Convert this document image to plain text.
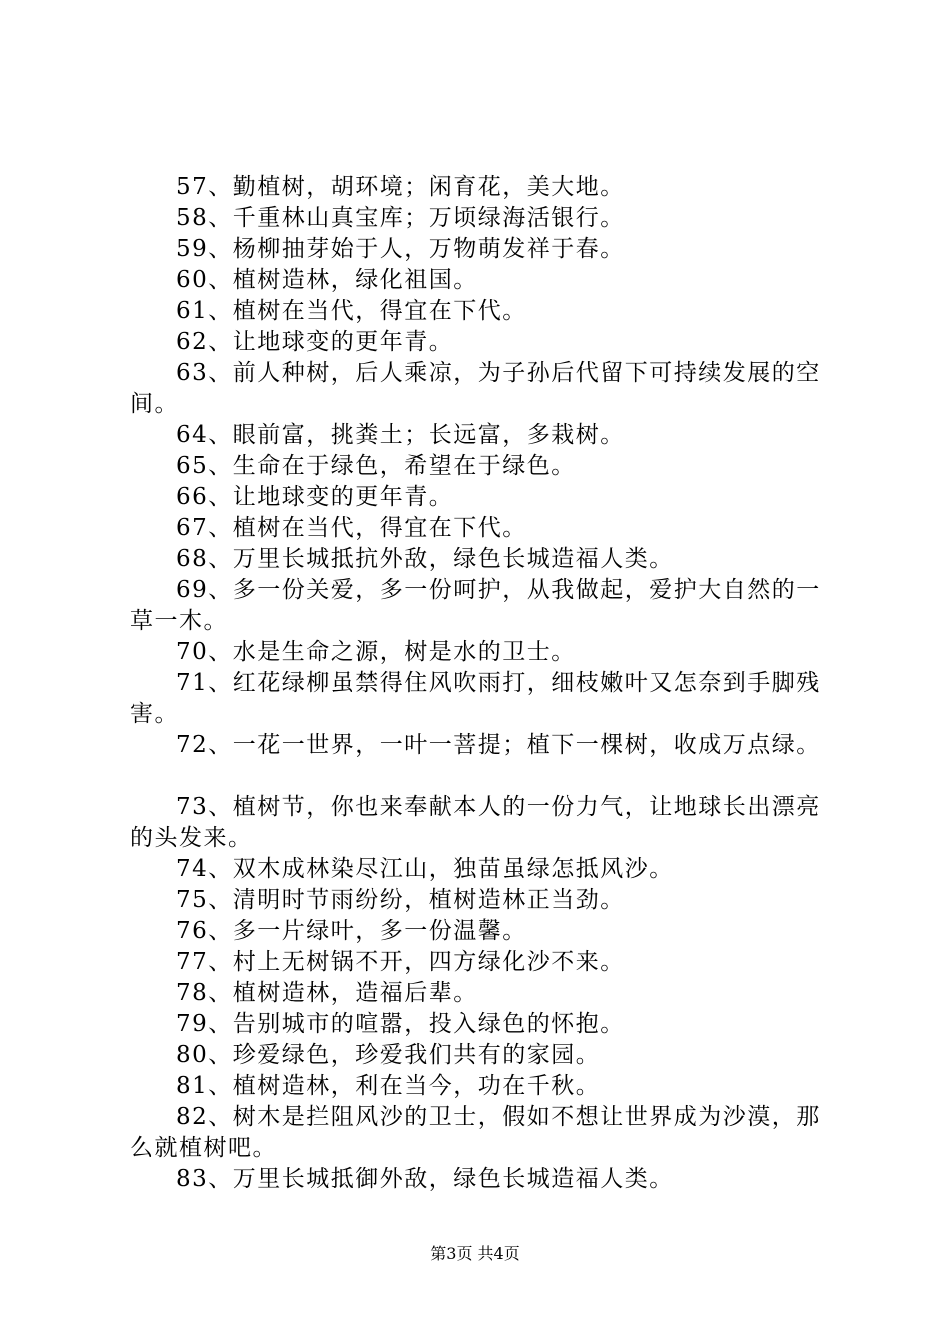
57、勤植树，胡环境；闲育花，美大地。

58、千重林山真宝库；万顷绿海活银行。

59、杨柳抽芽始于人，万物萌发祥于春。

60、植树造林，绿化祖国。

61、植树在当代，得宜在下代。

62、让地球变的更年青。

63、前人种树，后人乘凉，为子孙后代留下可持续发展的空间。

64、眼前富，挑粪土；长远富，多栽树。

65、生命在于绿色，希望在于绿色。

66、让地球变的更年青。

67、植树在当代，得宜在下代。

68、万里长城抵抗外敌，绿色长城造福人类。

69、多一份关爱，多一份呵护，从我做起，爱护大自然的一草一木。

70、水是生命之源，树是水的卫士。

71、红花绿柳虽禁得住风吹雨打，细枝嫩叶又怎奈到手脚残害。

72、一花一世界，一叶一菩提；植下一棵树，收成万点绿。

73、植树节，你也来奉献本人的一份力气，让地球长出漂亮的头发来。

74、双木成林染尽江山，独苗虽绿怎抵风沙。

75、清明时节雨纷纷，植树造林正当劲。

76、多一片绿叶，多一份温馨。

77、村上无树锅不开，四方绿化沙不来。

78、植树造林，造福后辈。

79、告别城市的喧嚣，投入绿色的怀抱。

80、珍爱绿色，珍爱我们共有的家园。

81、植树造林，利在当今，功在千秋。

82、树木是拦阻风沙的卫士，假如不想让世界成为沙漠，那么就植树吧。

83、万里长城抵御外敌，绿色长城造福人类。

第3页 共4页
